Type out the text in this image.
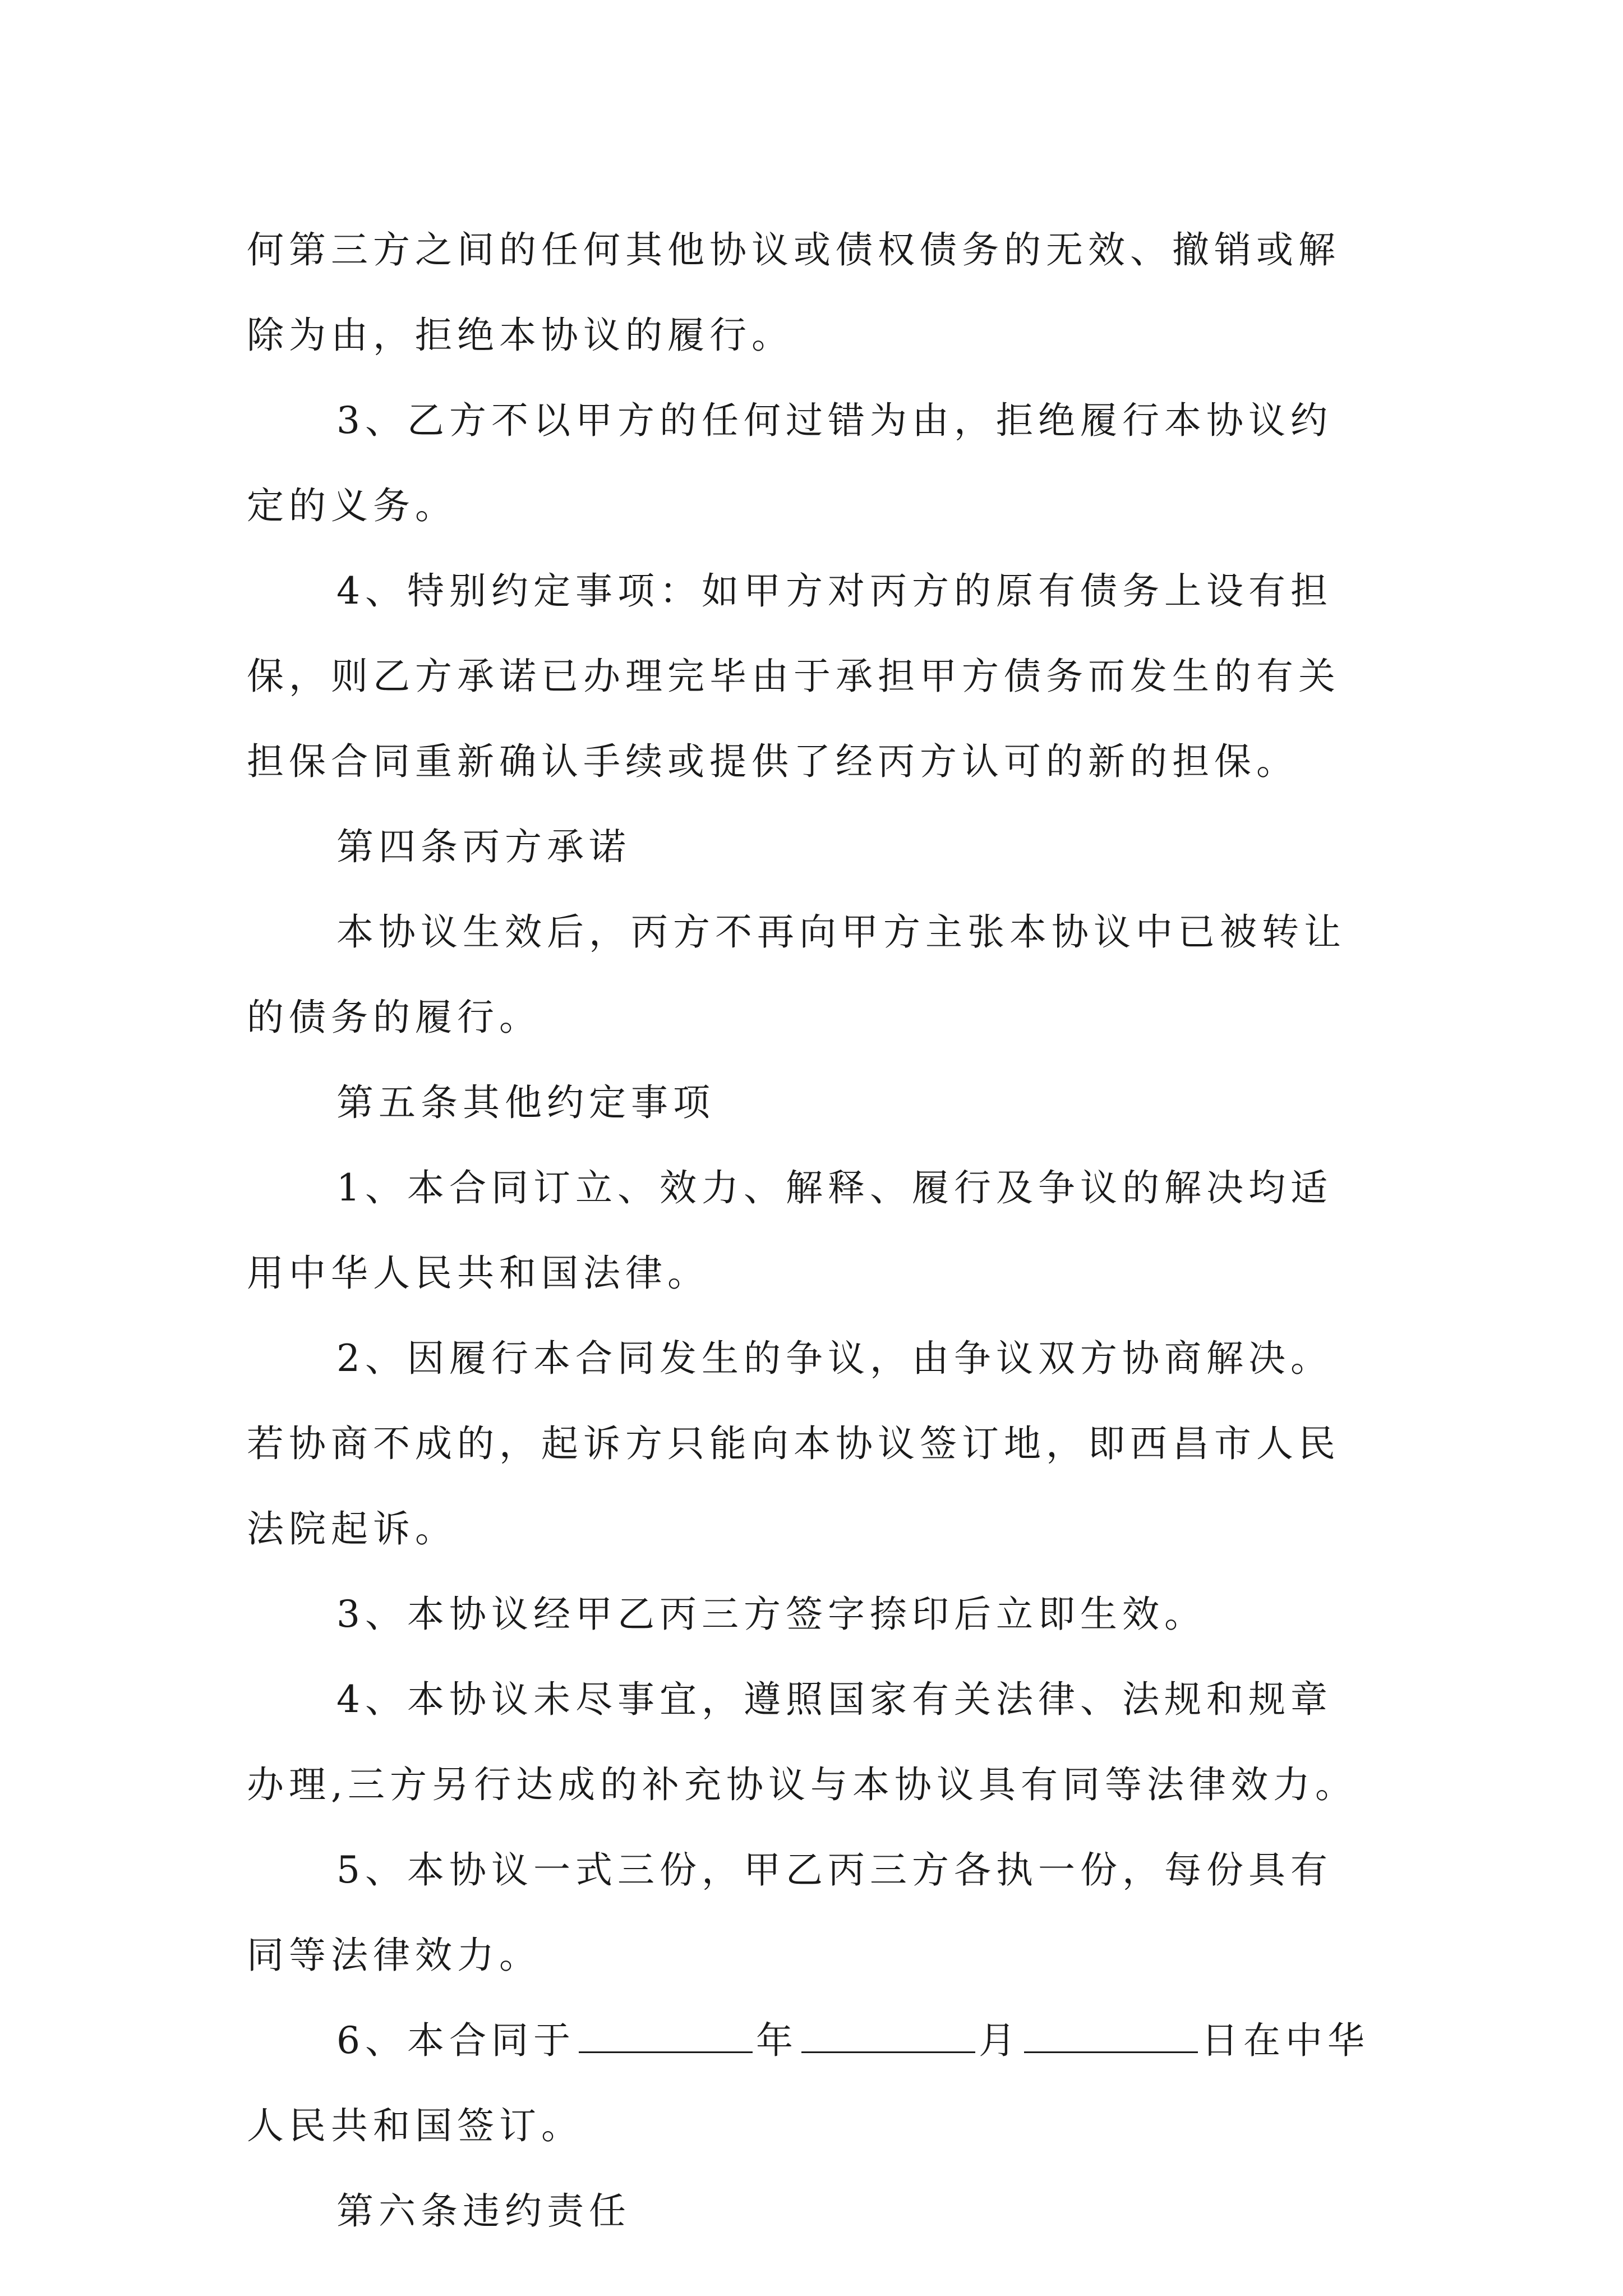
何第三方之间的任何其他协议或债权债务的无效、撤销或解
除为由，拒绝本协议的履行。

3、乙方不以甲方的任何过错为由，拒绝履行本协议约
定的义务。

4、特别约定事项：如甲方对丙方的原有债务上设有担
保，则乙方承诺已办理完毕由于承担甲方债务而发生的有关
担保合同重新确认手续或提供了经丙方认可的新的担保。

第四条丙方承诺

本协议生效后，丙方不再向甲方主张本协议中已被转让
的债务的履行。

第五条其他约定事项

1、本合同订立、效力、解释、履行及争议的解决均适
用中华人民共和国法律。

2、因履行本合同发生的争议，由争议双方协商解决。
若协商不成的，起诉方只能向本协议签订地，即西昌市人民
法院起诉。

3、本协议经甲乙丙三方签字捺印后立即生效。

4、本协议未尽事宜，遵照国家有关法律、法规和规章
办理,三方另行达成的补充协议与本协议具有同等法律效力。

5、本协议一式三份，甲乙丙三方各执一份，每份具有
同等法律效力。

6、本合同于	年	月	日在中华
人民共和国签订。

第六条违约责任
